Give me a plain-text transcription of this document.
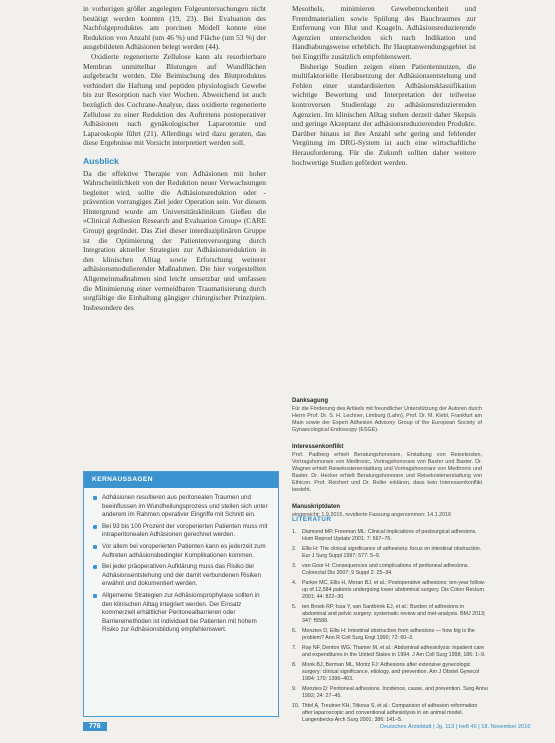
in vorherigen größer angelegten Folgeuntersuchungen nicht bestätigt werden konnten (19, 23). Bei Evaluation des Nachfolgeproduktes am porcinen Modell konnte eine Reduktion von Anzahl (um 46 %) und Fläche (um 53 %) der ausgebildeten Adhäsionen belegt werden (44).

Oxidierte regenerierte Zellulose kann als resorbierbare Membran unmittelbar Blutungen auf Wundflächen aufgebracht werden. Die Beimischung des Blutproduktes verhindert die Haftung und peptiden physiologisch Gewebe bis zur Resorption nach vier Wochen. Abweichend ist auch bezüglich des Cochrane-Analyse, dass oxidierte regenerierte Zellulose zu einer Reduktion des Auftretens postoperativer Adhäsionen nach gynäkologischer Laparotomie und Laparoskopie führt (21). Allerdings wird dazu geraten, das diese Ergebnisse mit Vorsicht interpretiert werden soll.

Ausblick

Da die effektive Therapie von Adhäsionen mit hoher Wahrscheinlichkeit von der Reduktion neuer Verwachsungen begleitet wird, sollte die Adhäsionsreduktion oder -prävention vorrangiges Ziel jeder Operation sein. Vor diesem Hintergrund wurde am Universitätsklinikum Gießen die »Clinical Adhesion Research and Evaluation Group« (CARE Group) gegründet. Das Ziel dieser interdisziplinären Gruppe ist die Optimierung der Patientenversorgung durch Integration aktueller Strategien zur Adhäsionsreduktion in den klinischen Alltag sowie Erforschung weiterer adhäsionsmodulierender Maßnahmen. Die hier vorgestellten Allgemeinmaßnahmen sind leicht umsetzbar und umfassen die Minimierung einer vermeidbaren Traumatisierung durch sorgfältige die Einhaltung gängiger chirurgischer Prinzipien. Insbesondere des

Mesothels, minimieren Gewebetrockenheit und Fremdmaterialien sowie Spülung des Bauchraumes zur Entfernung von Blut und Koageln. Adhäsionsreduzierende Agenzien unterscheiden sich nach Indikation und Handhabungsweise erheblich. Ihr Hauptanwendungsgebiet ist bei Eingriffe zusätzlich empfehlenswert.

Bisherige Studien zeigen einen Patientennutzen, die multifaktorielle Herabsetzung der Adhäsionsentstehung und Fehlen einer standardisierten Adhäsionsklassifikation wichtige Bewertung und Interpretation der teilweise kontroversen Studienlage zu adhäsionsreduzierenden Agenzien. Im klinischen Alltag stehen derzeit daher Skepsis und geringe Akzeptanz der adhäsionsreduzierenden Produkte. Darüber hinaus ist ihre Anzahl sehr gering und fehlender Vergütung im DRG-System ist auch eine wirtschaftliche Herausforderung. Für die Zukunft sollten daher weitere hochwertige Studien gefördert werden.

Danksagung
Für die Förderung des Artikels mit freundlicher Unterstützung der Autoren durch Herrn Prof. Dr. S. H. Lechner, Limburg (Lahn), Prof. Dr. M. Klebl, Frankfurt am Main sowie der Expert Adhesion Advisory Group of the European Society of Gynaecological Endoscopy (ESGE).

Interessenkonflikt
Prof. Padberg erhielt Beratungshonorare, Erstattung von Reisekosten, Vortragshonorare von Medtronic, Vortragshonorare von Baxter und Baxter. Dr. Wagner erhielt Reisekostenerstattung und Vortragshonorare von Medtronic und Baxter. Dr. Hecker erhielt Beratungshonorare und Reisekostenerstattung von Ethicon. Prof. Reichert und Dr. Roller erklären, dass kein Interessenkonflikt besteht.

Manuskriptdaten
eingereicht: 1.9.2015, revidierte Fassung angenommen: 14.1.2016

KERNAUSSAGEN
Adhäsionen resultieren aus peritonealen Traumen und beeinflussen im Wundheilungsprozess und stellen sich unter anderem im Rahmen operativer Eingriffe mit Schnitt ein.
Bei 93 bis 100 Prozent der voroperierten Patienten muss mit intraperitonealen Adhäsionen gerechnet werden.
Vor allem bei voroperierten Patienten kann es jederzeit zum Auftreten adhäsionsbedingter Komplikationen kommen.
Bei jeder präoperativen Aufklärung muss das Risiko der Adhäsionsentstehung und der damit verbundenen Risiken erwähnt und dokumentiert werden.
Allgemeine Strategien zur Adhäsionsprophylaxe sollten in den klinischen Alltag integriert werden. Der Einsatz kommerziell erhältlicher Peritonealbarrieren oder Barrieremethoden ist individuell bei Patienten mit hohem Risiko zur Adhäsionsbildung empfehlenswert.
LITERATUR
1. Diamond MP, Freeman ML: Clinical implications of postsurgical adhesions. Hum Reprod Update 2001; 7: 567–76.
2. Ellis H: The clinical significance of adhesions: focus on intestinal obstruction. Eur J Surg Suppl 1997; 577: 5–9.
3. van Goor H: Consequences and complications of peritoneal adhesions. Colorectal Dis 2007; 9 Suppl 2: 25–34.
4. Parker MC, Ellis H, Moran BJ, et al.: Postoperative adhesions: ten-year follow-up of 12,584 patients undergoing lower abdominal surgery. Dis Colon Rectum 2001; 44: 822–30.
5. ten Broek RP, Issa Y, van Santbrink EJ, et al.: Burden of adhesions in abdominal and pelvic surgery: systematic review and met-analysis. BMJ 2013; 347: f5588.
6. Menzies D, Ellis H: Intestinal obstruction from adhesions — how big is the problem? Ann R Coll Surg Engl 1990; 72: 60–3.
7. Ray NF, Denton WG, Thamer M, et al.: Abdominal adhesiolysis: inpatient care and expenditures in the United States in 1994. J Am Coll Surg 1998; 186: 1–9.
8. Monk BJ, Berman ML, Montz FJ: Adhesions after extensive gynecologic surgery: clinical significance, etiology, and prevention. Am J Obstet Gynecol 1994; 170: 1396–403.
9. Menzies D: Peritoneal adhesions. Incidence, cause, and prevention. Surg Annu 1992; 24: 27–45.
10. Tittel A, Treutner KH, Titkova S, et al.: Comparison of adhesion reformation after laparoscopic and conventional adhesiolysis in an animal model. Langenbecks Arch Surg 2001; 386: 141–5.
776	Deutsches Ärzteblatt | Jg. 113 | Heft 46 | 18. November 2016
